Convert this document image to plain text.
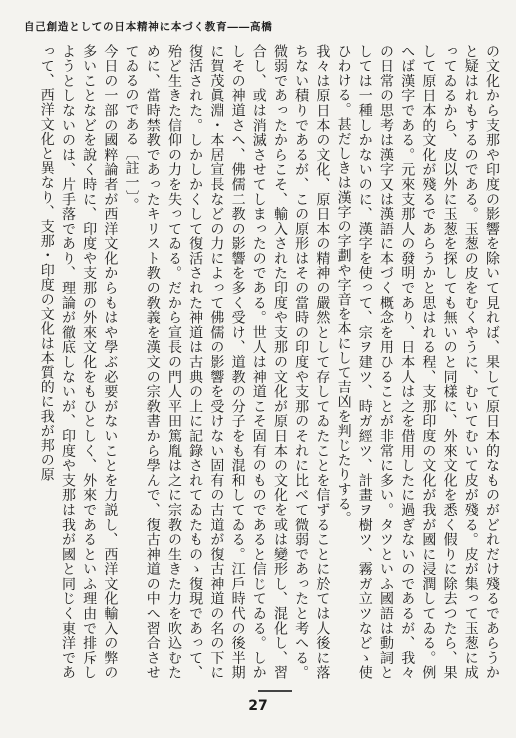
自己創造としての日本精神に本づく教育――高橋

の文化から支那や印度の影響を除いて見れば、果して原日本的なものがどれだけ殘るであらうかと疑はれもするのである。玉葱の皮をむくやうに、むいてむいて皮が殘る。皮が集って玉葱に成ってゐるから、皮以外に玉葱を探しても無いのと同樣に、外來文化を悉く假りに除去つたら、果して原日本的文化が殘るであらうかと思はれる程、支那印度の文化が我が國に浸潤してゐる。例へば漢字である。元來支那人の發明であり、日本人は之を借用したに過ぎないのであるが、我々の日常の思考は漢字又は漢語に本づく概念を用ひることが非常に多い。タツといふ國語は動詞としては一種しかないのに、漢字を使って、宗ヲ建ツ、時ガ經ツ、計畫ヲ樹ツ、霧ガ立ツなどゝ使ひわける。甚だしきは漢字の字劃や字音を本にして吉凶を判じたりする。

我々は原日本の文化、原日本の精神の嚴然として存してゐたことを信ずることに於ては人後に落ちない積りであるが、この原形はその當時の印度や支那のそれに比べて微弱であったと考へる。微弱であったからこそ、輸入された印度や支那の文化が原日本の文化を或は變形し、混化し、習合し、或は消滅させてしまったのである。世人は神道こそ固有のものであると信じてゐる。しかしその神道さへ、佛儒二教の影響を多く受け、道教の分子をも混和してゐる。江戶時代の後半期に賀茂眞淵・本居宣長などの力によって佛儒の影響を受けない固有の古道が復古神道の名の下に復活された。しかしかくして復活された神道は古典の上に記錄されてゐたものゝ復現であって、殆ど生きた信仰の力を失ってゐる。だから宣長の門人平田篤胤は之に宗教の生きた力を吹込むために、當時禁教であったキリスト教の敎義を漢文の宗敎書から學んで、復古神道の中へ習合させてゐるのである〔註一〕。

今日の一部の國粹論者が西洋文化からもはや學ぶ必要がないことを力説し、西洋文化輸入の弊の多いことなどを說く時に、印度や支那の外來文化をもひとしく、外來であるといふ理由で排斥しようとしないのは、片手落であり、理論が徹底しないが、印度や支那は我が國と同じく東洋であって、西洋文化と異なり、支那・印度の文化は本質的に我が邦の原

27
